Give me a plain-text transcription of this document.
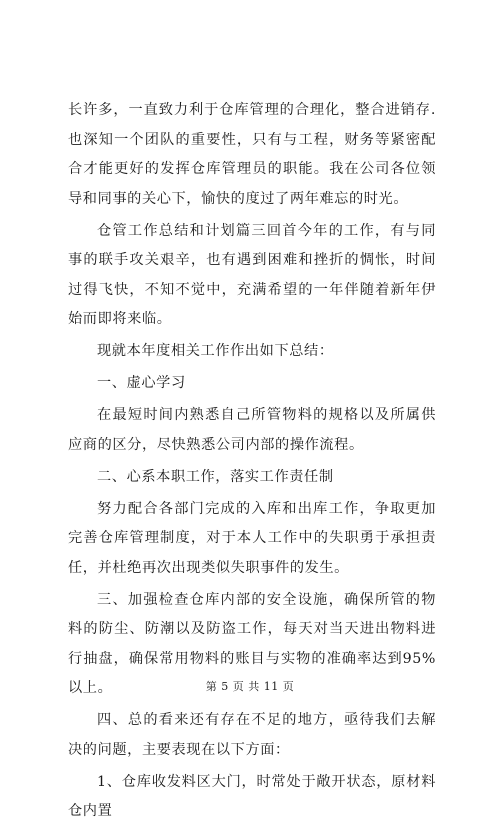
长许多，一直致力利于仓库管理的合理化，整合进销存.也深知一个团队的重要性，只有与工程，财务等紧密配合才能更好的发挥仓库管理员的职能。我在公司各位领导和同事的关心下，愉快的度过了两年难忘的时光。

仓管工作总结和计划篇三回首今年的工作，有与同事的联手攻关艰辛，也有遇到困难和挫折的惆怅，时间过得飞快，不知不觉中，充满希望的一年伴随着新年伊始而即将来临。

现就本年度相关工作作出如下总结：

一、虚心学习

在最短时间内熟悉自己所管物料的规格以及所属供应商的区分，尽快熟悉公司内部的操作流程。

二、心系本职工作，落实工作责任制

努力配合各部门完成的入库和出库工作，争取更加完善仓库管理制度，对于本人工作中的失职勇于承担责任，并杜绝再次出现类似失职事件的发生。

三、加强检查仓库内部的安全设施，确保所管的物料的防尘、防潮以及防盗工作，每天对当天进出物料进行抽盘，确保常用物料的账目与实物的准确率达到95%以上。

四、总的看来还有存在不足的地方，亟待我们去解决的问题，主要表现在以下方面：

1、仓库收发料区大门，时常处于敞开状态，原材料仓内置

第 5 页 共 11 页
